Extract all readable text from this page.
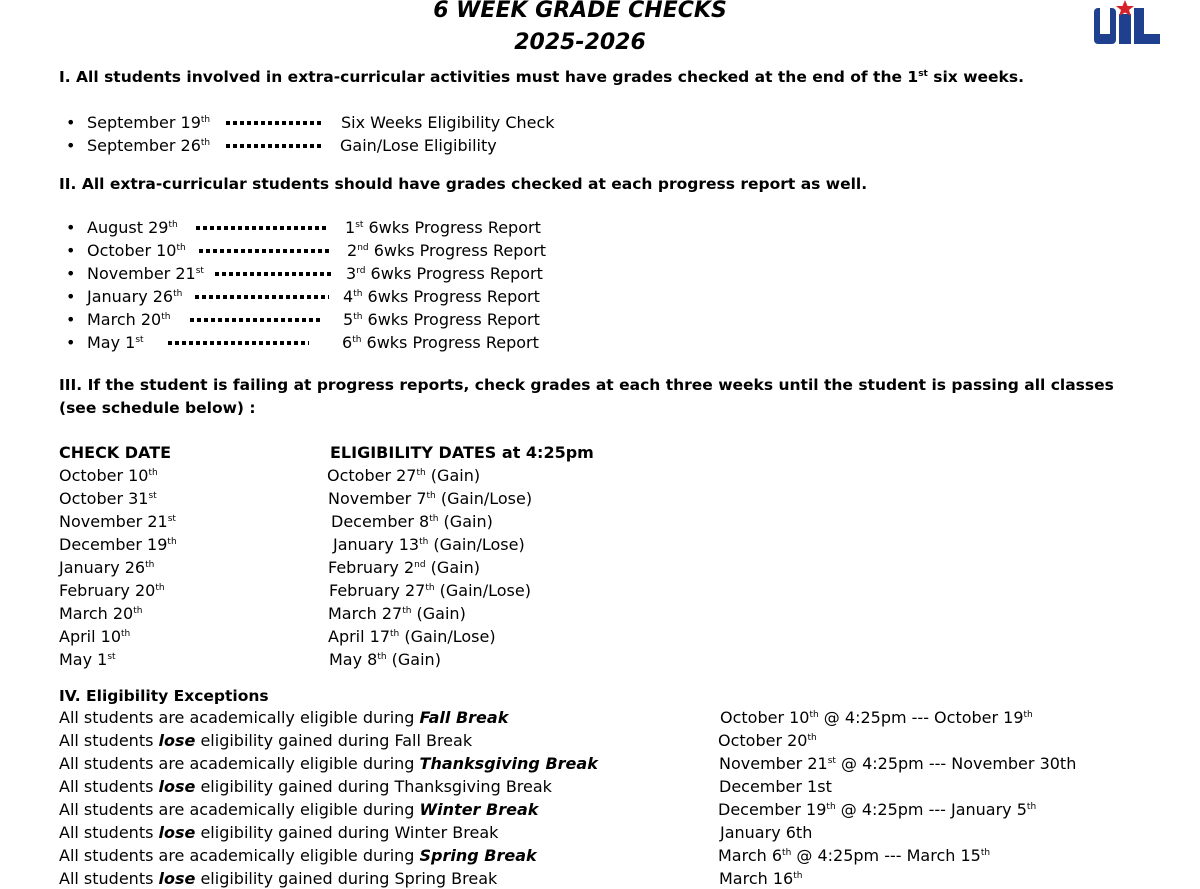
6 WEEK GRADE CHECKS
2025-2026
I. All students involved in extra-curricular activities must have grades checked at the end of the 1st six weeks.
• September 19th	Six Weeks Eligibility Check
• September 26th	Gain/Lose Eligibility
II. All extra-curricular students should have grades checked at each progress report as well.
• August 29th	1st 6wks Progress Report
• October 10th	2nd 6wks Progress Report
• November 21st	3rd 6wks Progress Report
• January 26th	4th 6wks Progress Report
• March 20th	5th 6wks Progress Report
• May 1st	6th 6wks Progress Report
III. If the student is failing at progress reports, check grades at each three weeks until the student is passing all classes
(see schedule below) :
CHECK DATE	ELIGIBILITY DATES at 4:25pm
October 10th	October 27th (Gain)
October 31st	November 7th (Gain/Lose)
November 21st	December 8th (Gain)
December 19th	January 13th (Gain/Lose)
January 26th	February 2nd (Gain)
February 20th	February 27th (Gain/Lose)
March 20th	March 27th (Gain)
April 10th	April 17th (Gain/Lose)
May 1st	May 8th (Gain)
IV. Eligibility Exceptions
All students are academically eligible during Fall Break	October 10th @ 4:25pm --- October 19th
All students lose eligibility gained during Fall Break	October 20th
All students are academically eligible during Thanksgiving Break	November 21st @ 4:25pm --- November 30th
All students lose eligibility gained during Thanksgiving Break	December 1st
All students are academically eligible during Winter Break	December 19th @ 4:25pm --- January 5th
All students lose eligibility gained during Winter Break	January 6th
All students are academically eligible during Spring Break	March 6th @ 4:25pm --- March 15th
All students lose eligibility gained during Spring Break	March 16th
